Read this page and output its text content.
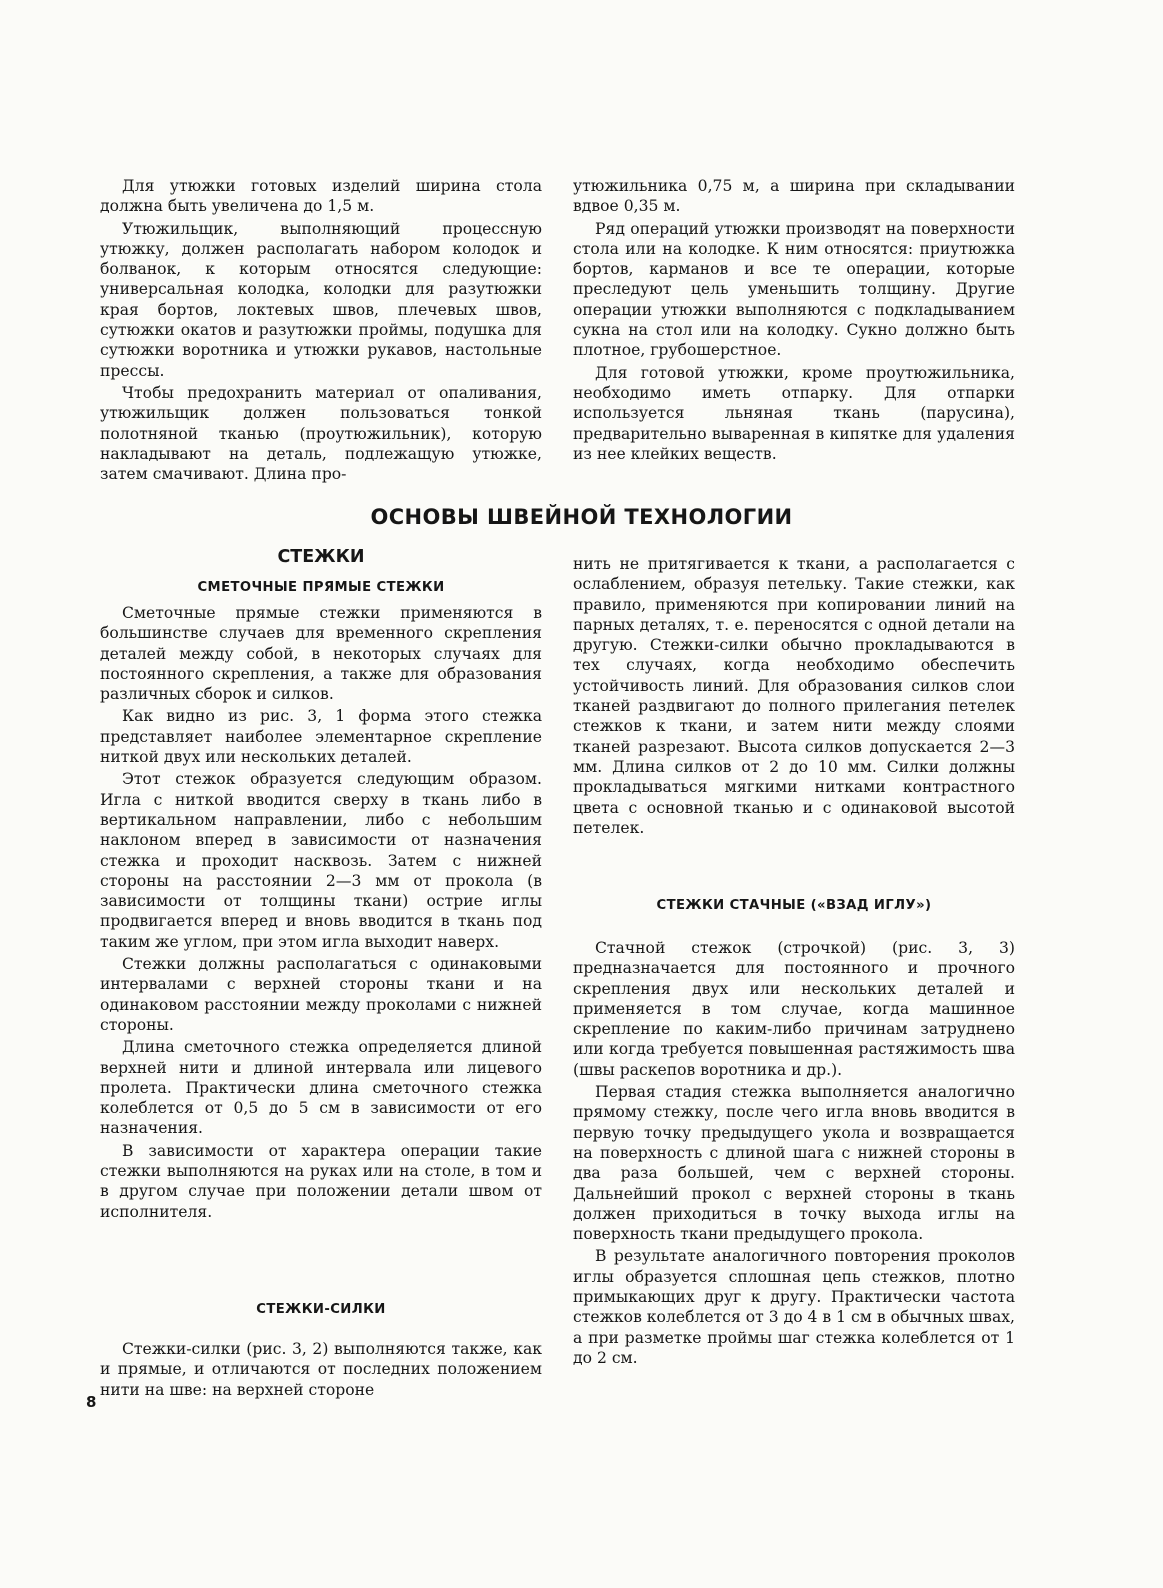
Для утюжки готовых изделий ширина стола должна быть увеличена до 1,5 м.

Утюжильщик, выполняющий процессную утюжку, должен располагать набором колодок и болванок, к которым относятся следующие: универсальная колодка, колодки для разутюжки края бортов, локтевых швов, плечевых швов, сутюжки окатов и разутюжки проймы, подушка для сутюжки воротника и утюжки рукавов, настольные прессы.

Чтобы предохранить материал от опаливания, утюжильщик должен пользоваться тонкой полотняной тканью (проутюжильник), которую накладывают на деталь, подлежащую утюжке, затем смачивают. Длина про-

утюжильника 0,75 м, а ширина при складывании вдвое 0,35 м.

Ряд операций утюжки производят на поверхности стола или на колодке. К ним относятся: приутюжка бортов, карманов и все те операции, которые преследуют цель уменьшить толщину. Другие операции утюжки выполняются с подкладыванием сукна на стол или на колодку. Сукно должно быть плотное, грубошерстное.

Для готовой утюжки, кроме проутюжильника, необходимо иметь отпарку. Для отпарки используется льняная ткань (парусина), предварительно вываренная в кипятке для удаления из нее клейких веществ.

ОСНОВЫ ШВЕЙНОЙ ТЕХНОЛОГИИ
СТЕЖКИ
СМЕТОЧНЫЕ ПРЯМЫЕ СТЕЖКИ

Сметочные прямые стежки применяются в большинстве случаев для временного скрепления деталей между собой, в некоторых случаях для постоянного скрепления, а также для образования различных сборок и силков.

Как видно из рис. 3, 1 форма этого стежка представляет наиболее элементарное скрепление ниткой двух или нескольких деталей.

Этот стежок образуется следующим образом. Игла с ниткой вводится сверху в ткань либо в вертикальном направлении, либо с небольшим наклоном вперед в зависимости от назначения стежка и проходит насквозь. Затем с нижней стороны на расстоянии 2—3 мм от прокола (в зависимости от толщины ткани) острие иглы продвигается вперед и вновь вводится в ткань под таким же углом, при этом игла выходит наверх.

Стежки должны располагаться с одинаковыми интервалами с верхней стороны ткани и на одинаковом расстоянии между проколами с нижней стороны.

Длина сметочного стежка определяется длиной верхней нити и длиной интервала или лицевого пролета. Практически длина сметочного стежка колеблется от 0,5 до 5 см в зависимости от его назначения.

В зависимости от характера операции такие стежки выполняются на руках или на столе, в том и в другом случае при положении детали швом от исполнителя.

СТЕЖКИ-СИЛКИ

Стежки-силки (рис. 3, 2) выполняются также, как и прямые, и отличаются от последних положением нити на шве: на верхней стороне

нить не притягивается к ткани, а располагается с ослаблением, образуя петельку. Такие стежки, как правило, применяются при копировании линий на парных деталях, т. е. переносятся с одной детали на другую. Стежки-силки обычно прокладываются в тех случаях, когда необходимо обеспечить устойчивость линий. Для образования силков слои тканей раздвигают до полного прилегания петелек стежков к ткани, и затем нити между слоями тканей разрезают. Высота силков допускается 2—3 мм. Длина силков от 2 до 10 мм. Силки должны прокладываться мягкими нитками контрастного цвета с основной тканью и с одинаковой высотой петелек.

СТЕЖКИ СТАЧНЫЕ («ВЗАД ИГЛУ»)

Стачной стежок (строчкой) (рис. 3, 3) предназначается для постоянного и прочного скрепления двух или нескольких деталей и применяется в том случае, когда машинное скрепление по каким-либо причинам затруднено или когда требуется повышенная растяжимость шва (швы раскепов воротника и др.).

Первая стадия стежка выполняется аналогично прямому стежку, после чего игла вновь вводится в первую точку предыдущего укола и возвращается на поверхность с длиной шага с нижней стороны в два раза большей, чем с верхней стороны. Дальнейший прокол с верхней стороны в ткань должен приходиться в точку выхода иглы на поверхность ткани предыдущего прокола.

В результате аналогичного повторения проколов иглы образуется сплошная цепь стежков, плотно примыкающих друг к другу. Практически частота стежков колеблется от 3 до 4 в 1 см в обычных швах, а при разметке проймы шаг стежка колеблется от 1 до 2 см.

8
